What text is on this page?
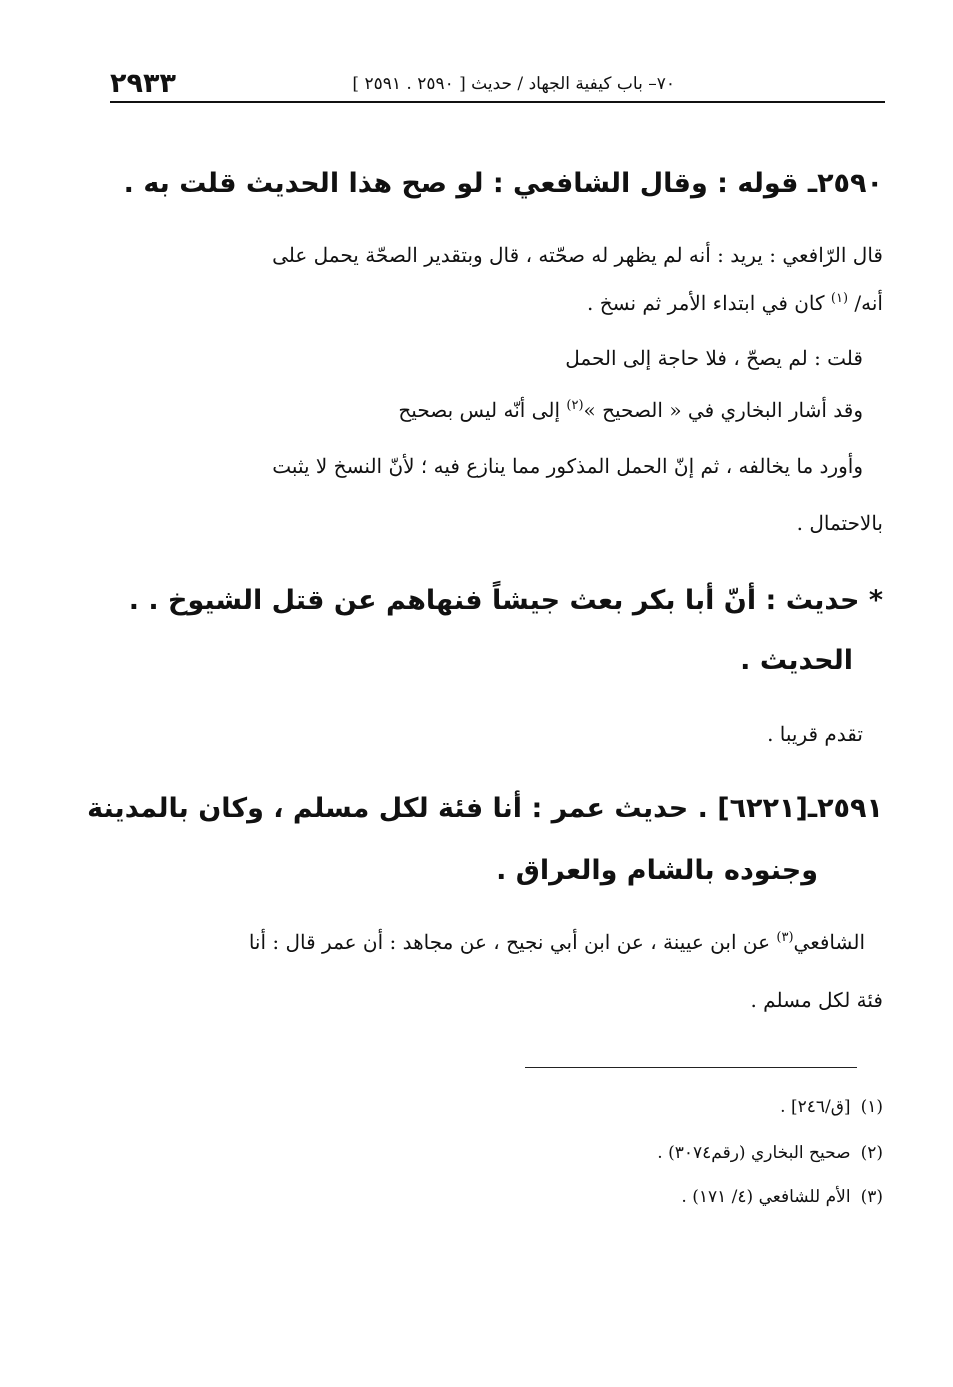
٢٩٣٣	٧٠– باب كيفية الجهاد / حديث [ ٢٥٩٠ . ٢٥٩١ ]
٢٥٩٠ـ قوله : وقال الشافعي : لو صح هذا الحديث قلت به .
قال الرّافعي : يريد : أنه لم يظهر له صحّته ، قال وبتقدير الصحّة يحمل على
أنه/ $^{(١)}$ كان في ابتداء الأمر ثم نسخ .
قلت : لم يصحّ ، فلا حاجة إلى الحمل
وقد أشار البخاري في « الصحيح »$^{(٢)}$ إلى أنّه ليس بصحيح
وأورد ما يخالفه ، ثم إنّ الحمل المذكور مما ينازع فيه ؛ لأنّ النسخ لا يثبت
بالاحتمال .
* حديث : أنّ أبا بكر بعث جيشاً فنهاهم عن قتل الشيوخ . .
الحديث .
تقدم قريبا .
٢٥٩١ـ[٦٢٢١] . حديث عمر : أنا فئة لكل مسلم ، وكان بالمدينة
وجنوده بالشام والعراق .
الشافعي$^{(٣)}$ عن ابن عيينة ، عن ابن أبي نجيح ، عن مجاهد : أن عمر قال : أنا
فئة لكل مسلم .
(١)[ق/٢٤٦] .
(٢)صحيح البخاري (رقم٣٠٧٤) .
(٣)الأم للشافعي (٤/ ١٧١) .
